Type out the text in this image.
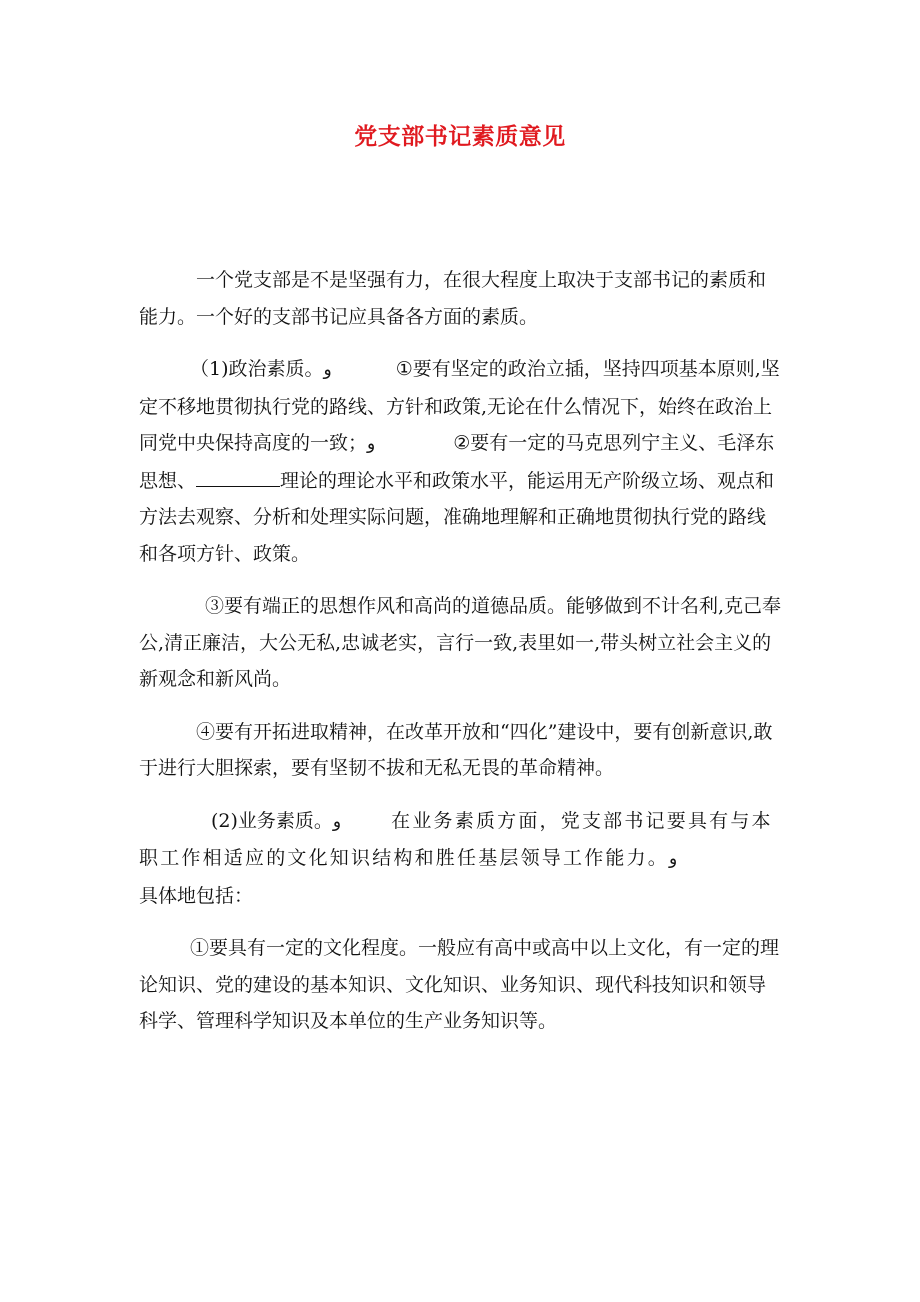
党支部书记素质意见

一个党支部是不是坚强有力，在很大程度上取决于支部书记的素质和能力。一个好的支部书记应具备各方面的素质。

（1)政治素质。و	①要有坚定的政治立插，坚持四项基本原则,坚定不移地贯彻执行党的路线、方针和政策,无论在什么情况下，始终在政治上同党中央保持高度的一致；و	②要有一定的马克思列宁主义、毛泽东思想、	理论的理论水平和政策水平，能运用无产阶级立场、观点和方法去观察、分析和处理实际问题，准确地理解和正确地贯彻执行党的路线和各项方针、政策。

③要有端正的思想作风和高尚的道德品质。能够做到不计名利,克己奉公,清正廉洁，大公无私,忠诚老实，言行一致,表里如一,带头树立社会主义的新观念和新风尚。

④要有开拓进取精神，在改革开放和“四化”建设中，要有创新意识,敢于进行大胆探索，要有坚韧不拔和无私无畏的革命精神。

(2)业务素质。و	在业务素质方面，党支部书记要具有与本职工作相适应的文化知识结构和胜任基层领导工作能力。و
具体地包括：

①要具有一定的文化程度。一般应有高中或高中以上文化，有一定的理论知识、党的建设的基本知识、文化知识、业务知识、现代科技知识和领导科学、管理科学知识及本单位的生产业务知识等。
